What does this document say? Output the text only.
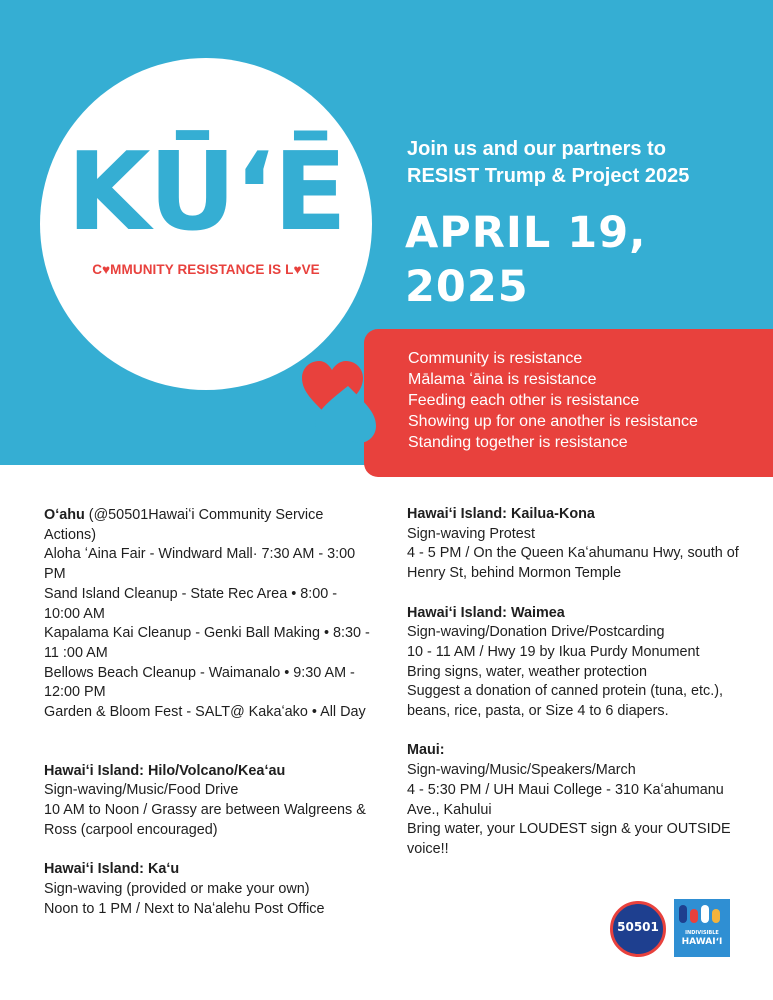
KŪʻĒ
C♥MMUNITY RESISTANCE IS L♥VE
Join us and our partners to
RESIST Trump & Project 2025
APRIL 19, 2025
Community is resistance
Mālama ʻāina is resistance
Feeding each other is resistance
Showing up for one another is resistance
Standing together is resistance
Oʻahu (@50501Hawaiʻi Community Service Actions)
Aloha ʻAina Fair - Windward Mall· 7:30 AM - 3:00 PM
Sand Island Cleanup - State Rec Area • 8:00 - 10:00 AM
Kapalama Kai Cleanup - Genki Ball Making • 8:30 - 11 :00 AM
Bellows Beach Cleanup - Waimanalo • 9:30 AM - 12:00 PM
Garden & Bloom Fest - SALT@ Kakaʻako • All Day
Hawaiʻi Island: Hilo/Volcano/Keaʻau
Sign-waving/Music/Food Drive
10 AM to Noon / Grassy are between Walgreens & Ross (carpool encouraged)
Hawaiʻi Island: Kaʻu
Sign-waving (provided or make your own)
Noon to 1 PM / Next to Naʻalehu Post Office
Hawaiʻi Island: Kailua-Kona
Sign-waving Protest
4 - 5 PM / On the Queen Kaʻahumanu Hwy, south of Henry St, behind Mormon Temple
Hawaiʻi Island: Waimea
Sign-waving/Donation Drive/Postcarding
10 - 11 AM / Hwy 19 by Ikua Purdy Monument
Bring signs, water, weather protection
Suggest a donation of canned protein (tuna, etc.), beans, rice, pasta, or Size 4 to 6 diapers.
Maui:
Sign-waving/Music/Speakers/March
4 - 5:30 PM / UH Maui College - 310 Kaʻahumanu Ave., Kahului
Bring water, your LOUDEST sign & your OUTSIDE voice!!
50501	INDIVISIBLE
HAWAIʻI
